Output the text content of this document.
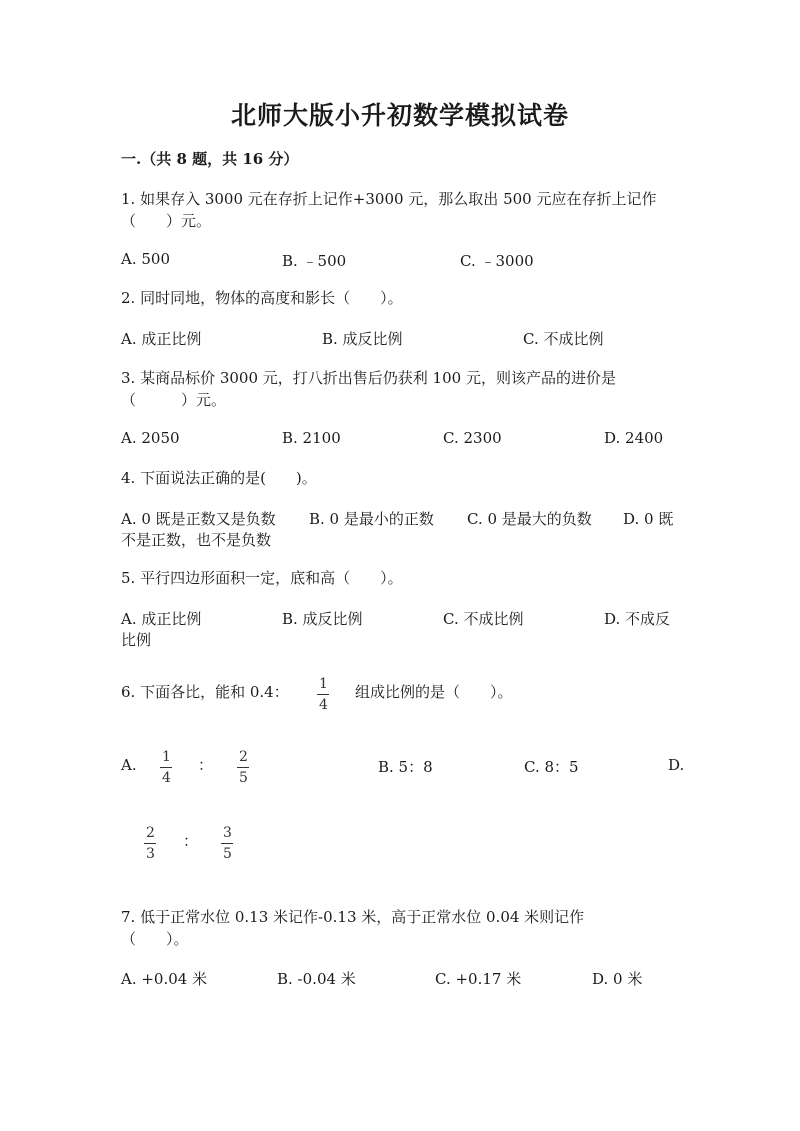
北师大版小升初数学模拟试卷
一.（共 8 题，共 16 分）
1. 如果存入 3000 元在存折上记作+3000 元，那么取出 500 元应在存折上记作
（　　）元。
A. 500	B. ﹣500	C. ﹣3000
2. 同时同地，物体的高度和影长（　　）。
A. 成正比例	B. 成反比例	C. 不成比例
3. 某商品标价 3000 元，打八折出售后仍获利 100 元，则该产品的进价是
（　　　）元。
A. 2050	B. 2100	C. 2300	D. 2400
4. 下面说法正确的是(　　)。
A. 0 既是正数又是负数 B. 0 是最小的正数 C. 0 是最大的负数 D. 0 既
不是正数，也不是负数
5. 平行四边形面积一定，底和高（　　）。
A. 成正比例	B. 成反比例	C. 不成比例	D. 不成反
比例
6. 下面各比，能和 0.4： 1
4
组成比例的是（　　）。
A. 1
4
： 2
5
B. 5：8	C. 8：5	D.
2
3
： 3
5
7. 低于正常水位 0.13 米记作-0.13 米，高于正常水位 0.04 米则记作
（　　）。
A. +0.04 米	B. -0.04 米	C. +0.17 米	D. 0 米
